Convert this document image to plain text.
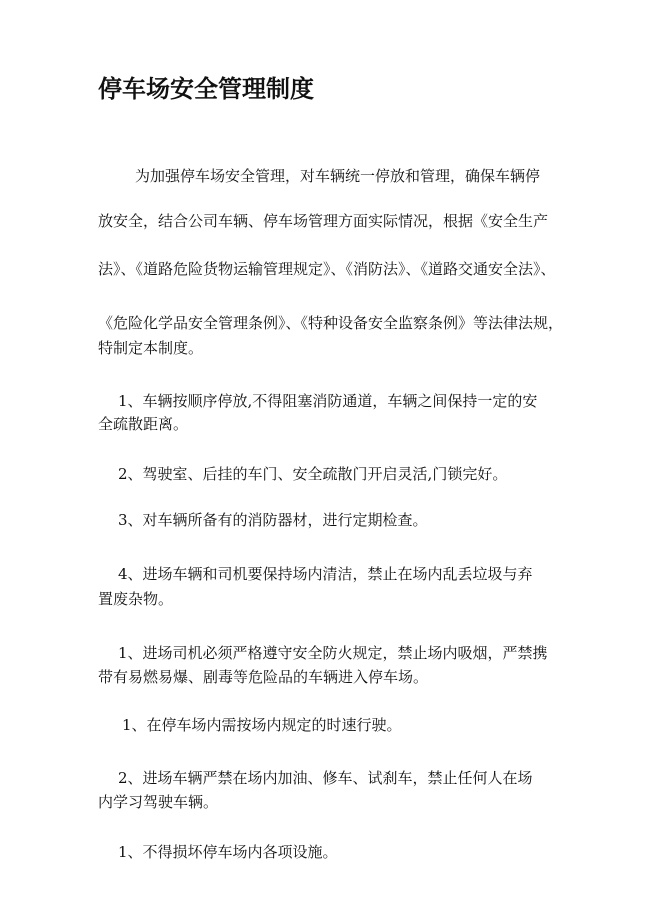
停车场安全管理制度

为加强停车场安全管理，对车辆统一停放和管理，确保车辆停

放安全，结合公司车辆、停车场管理方面实际情况，根据《安全生产

法》、《道路危险货物运输管理规定》、《消防法》、《道路交通安全法》、

《危险化学品安全管理条例》、《特种设备安全监察条例》等法律法规，

特制定本制度。

1、车辆按顺序停放,不得阻塞消防通道，车辆之间保持一定的安

全疏散距离。

2、驾驶室、后挂的车门、安全疏散门开启灵活,门锁完好。

3、对车辆所备有的消防器材，进行定期检查。

4、进场车辆和司机要保持场内清洁，禁止在场内乱丢垃圾与弃

置废杂物。

1、进场司机必须严格遵守安全防火规定，禁止场内吸烟，严禁携

带有易燃易爆、剧毒等危险品的车辆进入停车场。

1、在停车场内需按场内规定的时速行驶。

2、进场车辆严禁在场内加油、修车、试刹车，禁止任何人在场

内学习驾驶车辆。

1、不得损坏停车场内各项设施。
